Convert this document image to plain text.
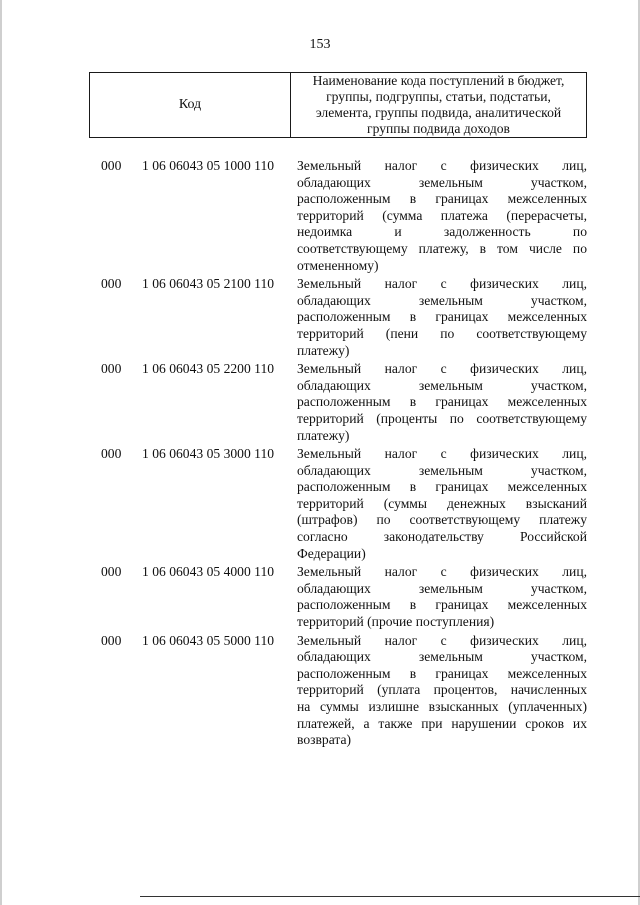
153
Код
Наименование кода поступлений в бюджет,
группы, подгруппы, статьи, подстатьи,
элемента, группы подвида, аналитической
группы подвида доходов
000	1 06 06043 05 1000 110	Земельный налог с физических лиц,
обладающих земельным участком,
расположенным в границах межселенных
территорий (сумма платежа (перерасчеты,
недоимка и задолженность по
соответствующему платежу, в том числе по
отмененному)
000	1 06 06043 05 2100 110	Земельный налог с физических лиц,
обладающих земельным участком,
расположенным в границах межселенных
территорий (пени по соответствующему
платежу)
000	1 06 06043 05 2200 110	Земельный налог с физических лиц,
обладающих земельным участком,
расположенным в границах межселенных
территорий (проценты по соответствующему
платежу)
000	1 06 06043 05 3000 110	Земельный налог с физических лиц,
обладающих земельным участком,
расположенным в границах межселенных
территорий (суммы денежных взысканий
(штрафов) по соответствующему платежу
согласно законодательству Российской
Федерации)
000	1 06 06043 05 4000 110	Земельный налог с физических лиц,
обладающих земельным участком,
расположенным в границах межселенных
территорий (прочие поступления)
000	1 06 06043 05 5000 110	Земельный налог с физических лиц,
обладающих земельным участком,
расположенным в границах межселенных
территорий (уплата процентов, начисленных
на суммы излишне взысканных (уплаченных)
платежей, а также при нарушении сроков их
возврата)
